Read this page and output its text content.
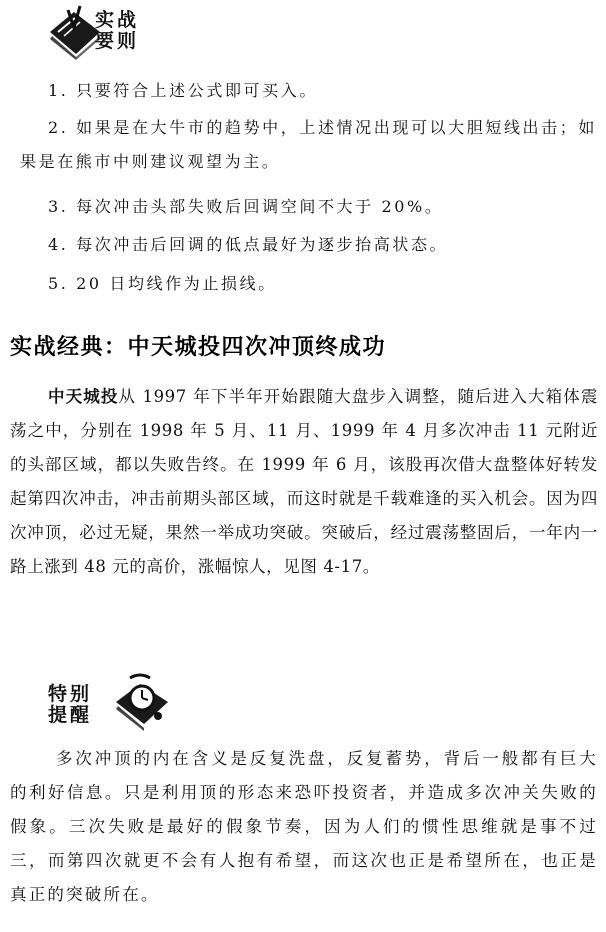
实战
要则
1. 只要符合上述公式即可买入。
2. 如果是在大牛市的趋势中，上述情况出现可以大胆短线出击；如果是在熊市中则建议观望为主。
3. 每次冲击头部失败后回调空间不大于 20%。
4. 每次冲击后回调的低点最好为逐步抬高状态。
5. 20 日均线作为止损线。
实战经典：中天城投四次冲顶终成功
中天城投从 1997 年下半年开始跟随大盘步入调整，随后进入大箱体震荡之中，分别在 1998 年 5 月、11 月、1999 年 4 月多次冲击 11 元附近的头部区域，都以失败告终。在 1999 年 6 月，该股再次借大盘整体好转发起第四次冲击，冲击前期头部区域，而这时就是千载难逢的买入机会。因为四次冲顶，必过无疑，果然一举成功突破。突破后，经过震荡整固后，一年内一路上涨到 48 元的高价，涨幅惊人，见图 4-17。
特别
提醒
多次冲顶的内在含义是反复洗盘，反复蓄势，背后一般都有巨大的利好信息。只是利用顶的形态来恐吓投资者，并造成多次冲关失败的假象。三次失败是最好的假象节奏，因为人们的惯性思维就是事不过三，而第四次就更不会有人抱有希望，而这次也正是希望所在，也正是真正的突破所在。
